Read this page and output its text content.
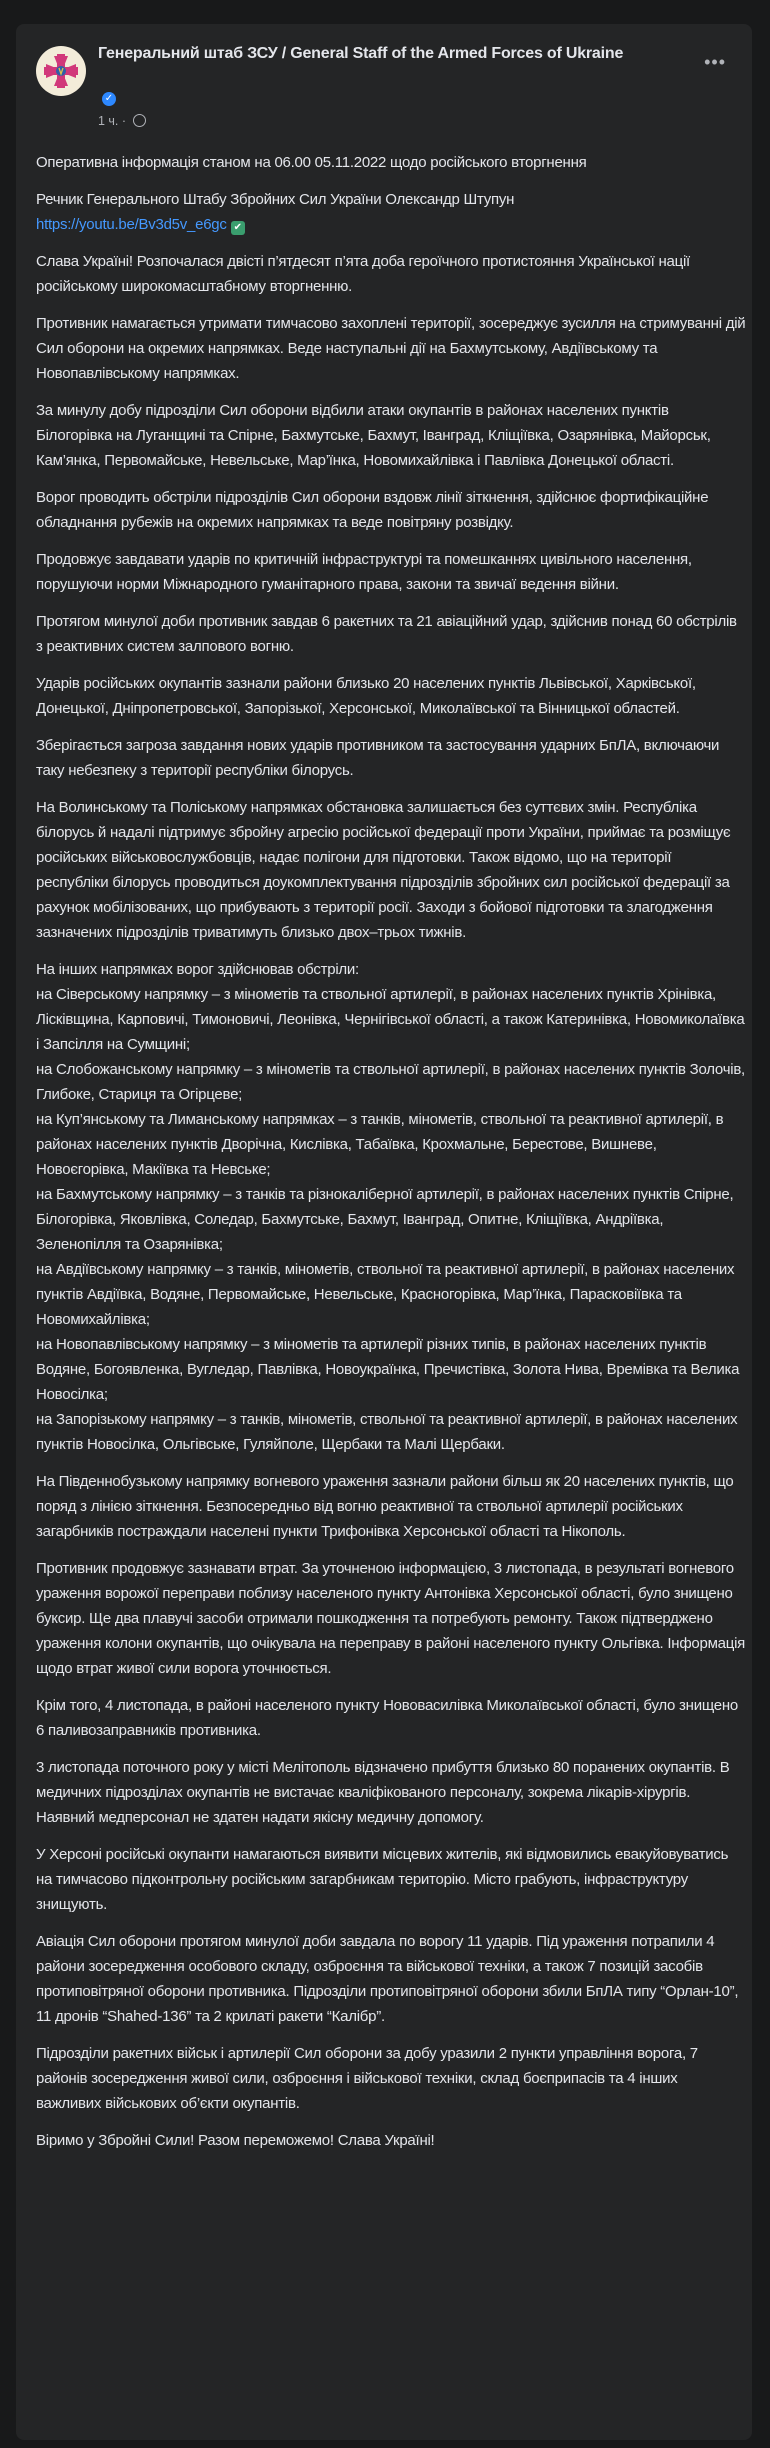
Генеральний штаб ЗСУ / General Staff of the Armed Forces of Ukraine
✓
1 ч. ·
•••

Оперативна інформація станом на 06.00 05.11.2022 щодо російського вторгнення

Речник Генерального Штабу Збройних Сил України Олександр Штупун
https://youtu.be/Bv3d5v_e6gc ✔

Слава Україні! Розпочалася двісті п’ятдесят п’ята доба героїчного протистояння Української нації російському широкомасштабному вторгненню.

Противник намагається утримати тимчасово захоплені території, зосереджує зусилля на стримуванні дій Сил оборони на окремих напрямках. Веде наступальні дії на Бахмутському, Авдіївському та Новопавлівському напрямках.

За минулу добу підрозділи Сил оборони відбили атаки окупантів в районах населених пунктів Білогорівка на Луганщині та Спірне, Бахмутське, Бахмут, Іванград, Кліщіївка, Озарянівка, Майорськ, Кам’янка, Первомайське, Невельське, Мар’їнка, Новомихайлівка і Павлівка Донецької області.

Ворог проводить обстріли підрозділів Сил оборони вздовж лінії зіткнення, здійснює фортифікаційне обладнання рубежів на окремих напрямках та веде повітряну розвідку.

Продовжує завдавати ударів по критичній інфраструктурі та помешканнях цивільного населення, порушуючи норми Міжнародного гуманітарного права, закони та звичаї ведення війни.

Протягом минулої доби противник завдав 6 ракетних та 21 авіаційний удар, здійснив понад 60 обстрілів з реактивних систем залпового вогню.

Ударів російських окупантів зазнали райони близько 20 населених пунктів Львівської, Харківської, Донецької, Дніпропетровської, Запорізької, Херсонської, Миколаївської та Вінницької областей.

Зберігається загроза завдання нових ударів противником та застосування ударних БпЛА, включаючи таку небезпеку з території республіки білорусь.

На Волинському та Поліському напрямках обстановка залишається без суттєвих змін. Республіка білорусь й надалі підтримує збройну агресію російської федерації проти України, приймає та розміщує російських військовослужбовців, надає полігони для підготовки. Також відомо, що на території республіки білорусь проводиться доукомплектування підрозділів збройних сил російської федерації за рахунок мобілізованих, що прибувають з території росії. Заходи з бойової підготовки та злагодження зазначених підрозділів триватимуть близько двох–трьох тижнів.

На інших напрямках ворог здійснював обстріли:
на Сіверському напрямку – з мінометів та ствольної артилерії, в районах населених пунктів Хрінівка, Лісківщина, Карповичі, Тимоновичі, Леонівка, Чернігівської області, а також Катеринівка, Новомиколаївка і Запсілля на Сумщині;
на Слобожанському напрямку – з мінометів та ствольної артилерії, в районах населених пунктів Золочів, Глибоке, Стариця та Огірцеве;
на Куп’янському та Лиманському напрямках – з танків, мінометів, ствольної та реактивної артилерії, в районах населених пунктів Дворічна, Кислівка, Табаївка, Крохмальне, Берестове, Вишневе, Новоєгорівка, Макіївка та Невське;
на Бахмутському напрямку – з танків та різнокаліберної артилерії, в районах населених пунктів Спірне, Білогорівка, Яковлівка, Соледар, Бахмутське, Бахмут, Іванград, Опитне, Кліщіївка, Андріївка, Зеленопілля та Озарянівка;
на Авдіївському напрямку – з танків, мінометів, ствольної та реактивної артилерії, в районах населених пунктів Авдіївка, Водяне, Первомайське, Невельське, Красногорівка, Мар’їнка, Парасковіївка та Новомихайлівка;
на Новопавлівському напрямку – з мінометів та артилерії різних типів, в районах населених пунктів Водяне, Богоявленка, Вугледар, Павлівка, Новоукраїнка, Пречистівка, Золота Нива, Времівка та Велика Новосілка;
на Запорізькому напрямку – з танків, мінометів, ствольної та реактивної артилерії, в районах населених пунктів Новосілка, Ольгівське, Гуляйполе, Щербаки та Малі Щербаки.

На Південнобузькому напрямку вогневого ураження зазнали райони більш як 20 населених пунктів, що поряд з лінією зіткнення. Безпосередньо від вогню реактивної та ствольної артилерії російських загарбників постраждали населені пункти Трифонівка Херсонської області та Нікополь.

Противник продовжує зазнавати втрат. За уточненою інформацією, 3 листопада, в результаті вогневого ураження ворожої переправи поблизу населеного пункту Антонівка Херсонської області, було знищено буксир. Ще два плавучі засоби отримали пошкодження та потребують ремонту. Також підтверджено ураження колони окупантів, що очікувала на переправу в районі населеного пункту Ольгівка. Інформація щодо втрат живої сили ворога уточнюється.

Крім того, 4 листопада, в районі населеного пункту Нововасилівка Миколаївської області, було знищено 6 паливозаправників противника.

3 листопада поточного року у місті Мелітополь відзначено прибуття близько 80 поранених окупантів. В медичних підрозділах окупантів не вистачає кваліфікованого персоналу, зокрема лікарів-хірургів. Наявний медперсонал не здатен надати якісну медичну допомогу.

У Херсоні російські окупанти намагаються виявити місцевих жителів, які відмовились евакуйовуватись на тимчасово підконтрольну російським загарбникам територію. Місто грабують, інфраструктуру знищують.

Авіація Сил оборони протягом минулої доби завдала по ворогу 11 ударів. Під ураження потрапили 4 райони зосередження особового складу, озброєння та військової техніки, а також 7 позицій засобів протиповітряної оборони противника. Підрозділи протиповітряної оборони збили БпЛА типу “Орлан-10”, 11 дронів “Shahed-136” та 2 крилаті ракети “Калібр”.

Підрозділи ракетних військ і артилерії Сил оборони за добу уразили 2 пункти управління ворога, 7 районів зосередження живої сили, озброєння і військової техніки, склад боєприпасів та 4 інших важливих військових об’єкти окупантів.

Віримо у Збройні Сили! Разом переможемо! Слава Україні!
